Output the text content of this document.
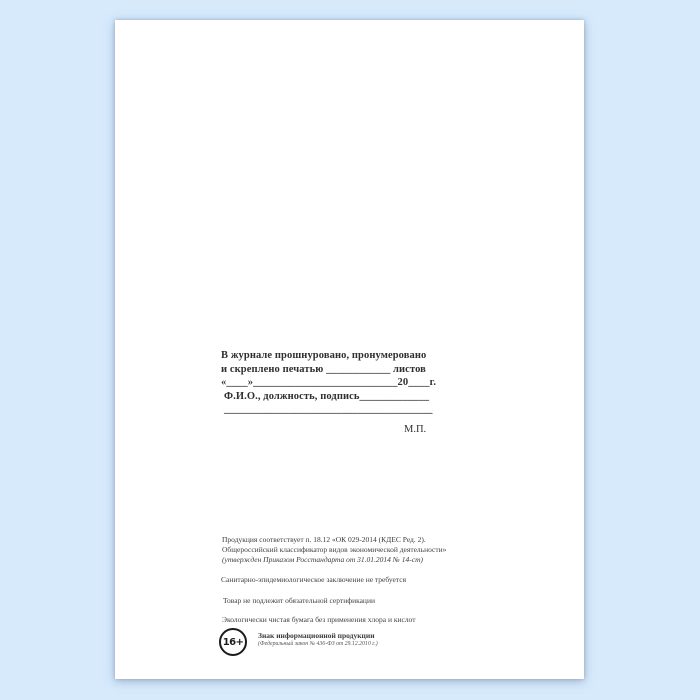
В журнале прошнуровано, пронумеровано
и скреплено печатью ____________ листов
«____»___________________________20____г.
Ф.И.О., должность, подпись_____________
_______________________________________
М.П.
Продукция соответствует п. 18.12 «ОК 029-2014 (КДЕС Ред. 2).
Общероссийский классификатор видов экономической деятельности»
(утвержден Приказом Росстандарта от 31.01.2014 № 14-ст)
Санитарно-эпидемиологическое заключение не требуется
Товар не подлежит обязательной сертификации
Экологически чистая бумага без применения хлора и кислот
16+
Знак информационной продукции
(Федеральный закон № 436-ФЗ от 29.12.2010 г.)
